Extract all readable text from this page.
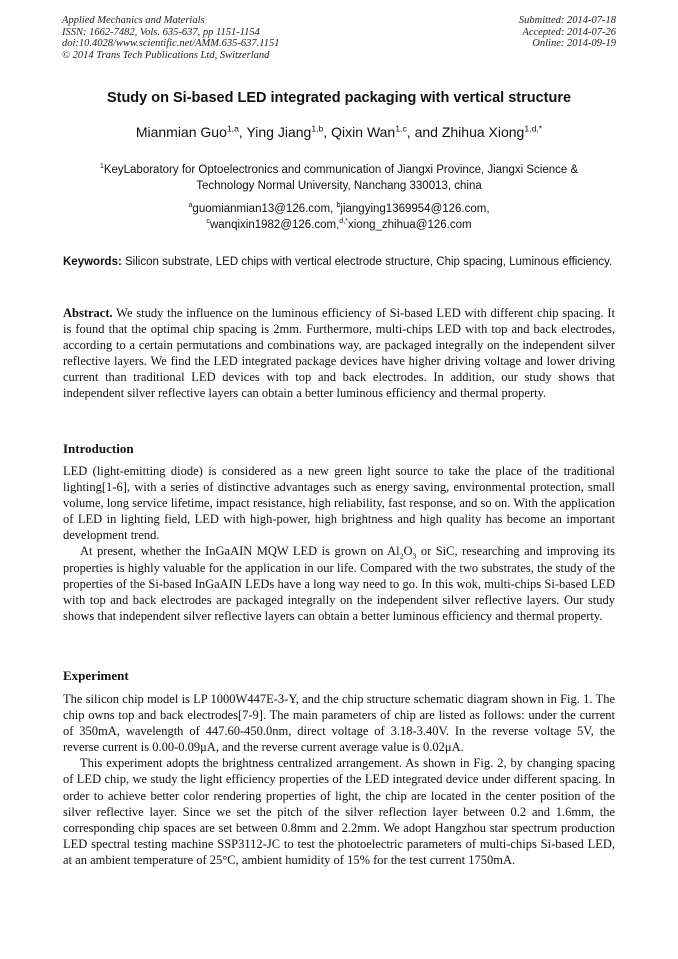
Applied Mechanics and Materials
ISSN: 1662-7482, Vols. 635-637, pp 1151-1154
doi:10.4028/www.scientific.net/AMM.635-637.1151
© 2014 Trans Tech Publications Ltd, Switzerland
Submitted: 2014-07-18
Accepted: 2014-07-26
Online: 2014-09-19
Study on Si-based LED integrated packaging with vertical structure
Mianmian Guo$^{1,a}$, Ying Jiang$^{1,b}$, Qixin Wan$^{1,c}$, and Zhihua Xiong$^{1,d,*}$
$^1$KeyLaboratory for Optoelectronics and communication of Jiangxi Province, Jiangxi Science & Technology Normal University, Nanchang 330013, china
$^a$guomianmian13@126.com, $^b$jiangying1369954@126.com,
$^c$wanqixin1982@126.com,$^{d,*}$xiong_zhihua@126.com
Keywords: Silicon substrate, LED chips with vertical electrode structure, Chip spacing, Luminous efficiency.

Abstract. We study the influence on the luminous efficiency of Si-based LED with different chip spacing. It is found that the optimal chip spacing is 2mm. Furthermore, multi-chips LED with top and back electrodes, according to a certain permutations and combinations way, are packaged integrally on the independent silver reflective layers. We find the LED integrated package devices have higher driving voltage and lower driving current than traditional LED devices with top and back electrodes. In addition, our study shows that independent silver reflective layers can obtain a better luminous efficiency and thermal property.

Introduction

LED (light-emitting diode) is considered as a new green light source to take the place of the traditional lighting[1-6], with a series of distinctive advantages such as energy saving, environmental protection, small volume, long service lifetime, impact resistance, high reliability, fast response, and so on. With the application of LED in lighting field, LED with high-power, high brightness and high quality has become an important development trend.

At present, whether the InGaAIN MQW LED is grown on $Al_2O_3$ or SiC, researching and improving its properties is highly valuable for the application in our life. Compared with the two substrates, the study of the properties of the Si-based InGaAIN LEDs have a long way need to go. In this wok, multi-chips Si-based LED with top and back electrodes are packaged integrally on the independent silver reflective layers. Our study shows that independent silver reflective layers can obtain a better luminous efficiency and thermal property.

Experiment

The silicon chip model is LP 1000W447E-3-Y, and the chip structure schematic diagram shown in Fig. 1. The chip owns top and back electrodes[7-9]. The main parameters of chip are listed as follows: under the current of 350mA, wavelength of 447.60-450.0nm, direct voltage of 3.18-3.40V. In the reverse voltage 5V, the reverse current is 0.00-0.09μA, and the reverse current average value is 0.02μA.

This experiment adopts the brightness centralized arrangement. As shown in Fig. 2, by changing spacing of LED chip, we study the light efficiency properties of the LED integrated device under different spacing. In order to achieve better color rendering properties of light, the chip are located in the center position of the silver reflective layer. Since we set the pitch of the silver reflection layer between 0.2 and 1.6mm, the corresponding chip spaces are set between 0.8mm and 2.2mm. We adopt Hangzhou star spectrum production LED spectral testing machine SSP3112-JC to test the photoelectric parameters of multi-chips Si-based LED, at an ambient temperature of 25°C, ambient humidity of 15% for the test current 1750mA.
